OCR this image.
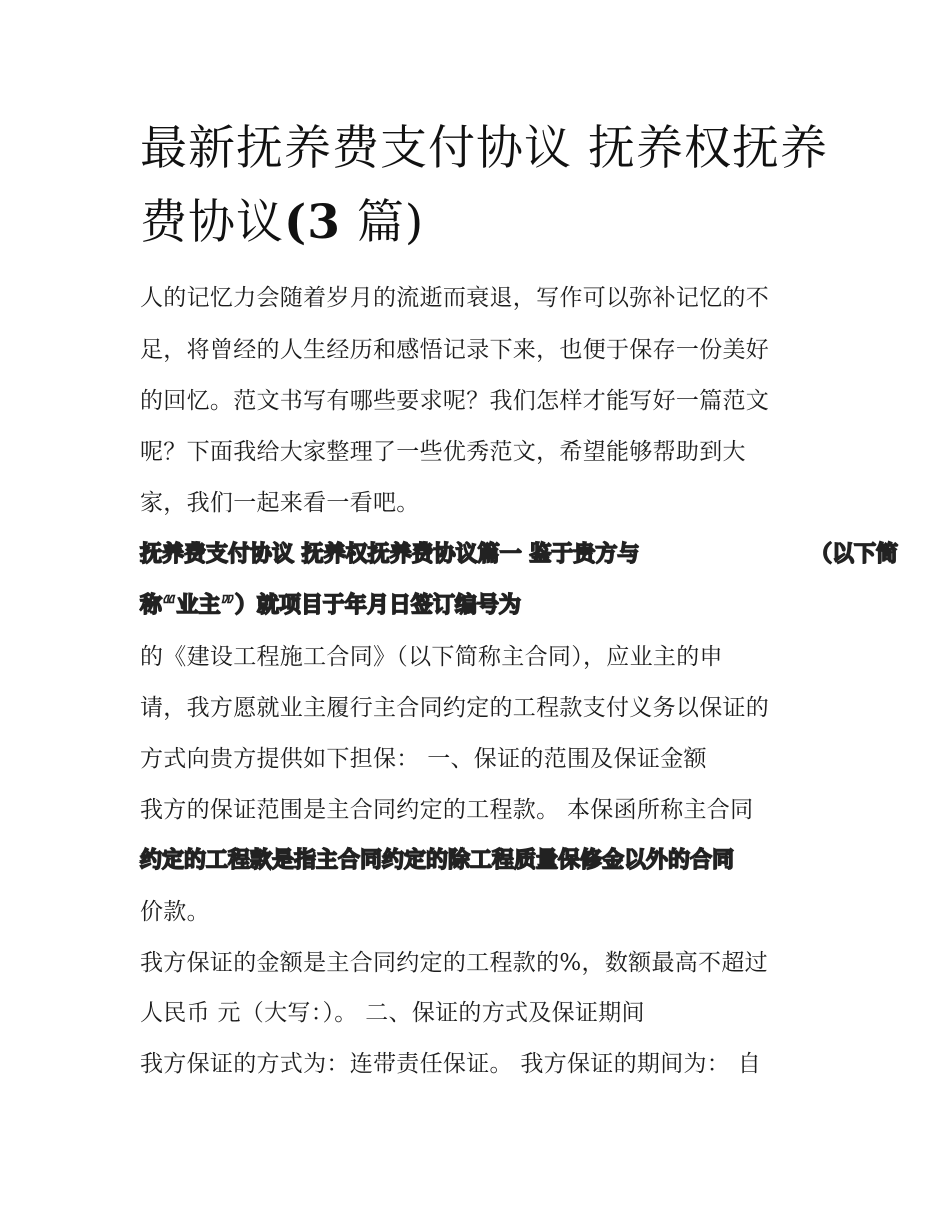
最新抚养费支付协议 抚养权抚养费协议(3 篇)

人的记忆力会随着岁月的流逝而衰退，写作可以弥补记忆的不

足，将曾经的人生经历和感悟记录下来，也便于保存一份美好

的回忆。范文书写有哪些要求呢？我们怎样才能写好一篇范文

呢？下面我给大家整理了一些优秀范文，希望能够帮助到大

家，我们一起来看一看吧。

抚养费支付协议 抚养权抚养费协议篇一 鉴于贵方与	（以下简

称“业主”）就项目于年月日签订编号为

的《建设工程施工合同》（以下简称主合同），应业主的申

请，我方愿就业主履行主合同约定的工程款支付义务以保证的

方式向贵方提供如下担保： 一、保证的范围及保证金额

我方的保证范围是主合同约定的工程款。 本保函所称主合同

约定的工程款是指主合同约定的除工程质量保修金以外的合同

价款。

我方保证的金额是主合同约定的工程款的%，数额最高不超过

人民币 元（大写：）。 二、保证的方式及保证期间

我方保证的方式为：连带责任保证。 我方保证的期间为： 自
